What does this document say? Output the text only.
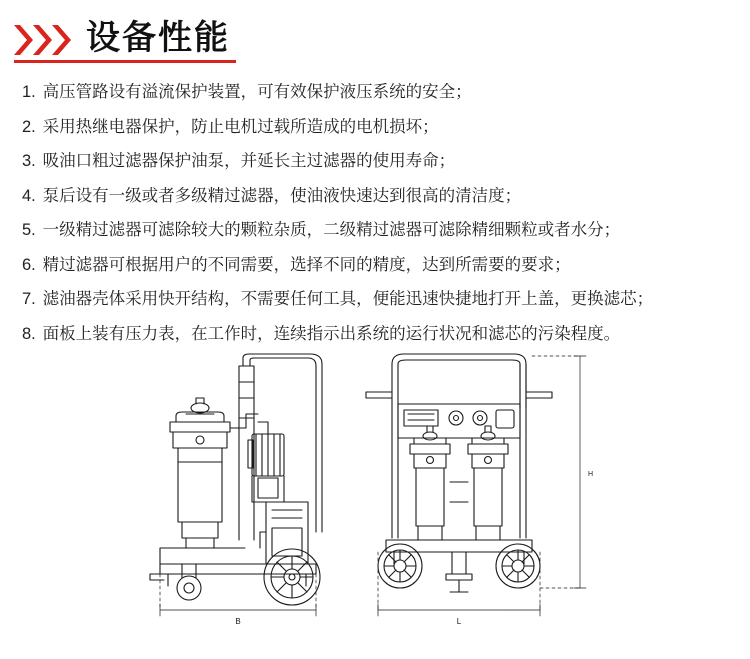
设备性能
1. 高压管路设有溢流保护装置，可有效保护液压系统的安全；
2. 采用热继电器保护，防止电机过载所造成的电机损坏；
3. 吸油口粗过滤器保护油泵，并延长主过滤器的使用寿命；
4. 泵后设有一级或者多级精过滤器，使油液快速达到很高的清洁度；
5. 一级精过滤器可滤除较大的颗粒杂质，二级精过滤器可滤除精细颗粒或者水分；
6. 精过滤器可根据用户的不同需要，选择不同的精度，达到所需要的要求；
7. 滤油器壳体采用快开结构，不需要任何工具，便能迅速快捷地打开上盖，更换滤芯；
8. 面板上装有压力表，在工作时，连续指示出系统的运行状况和滤芯的污染程度。
B	L
H
